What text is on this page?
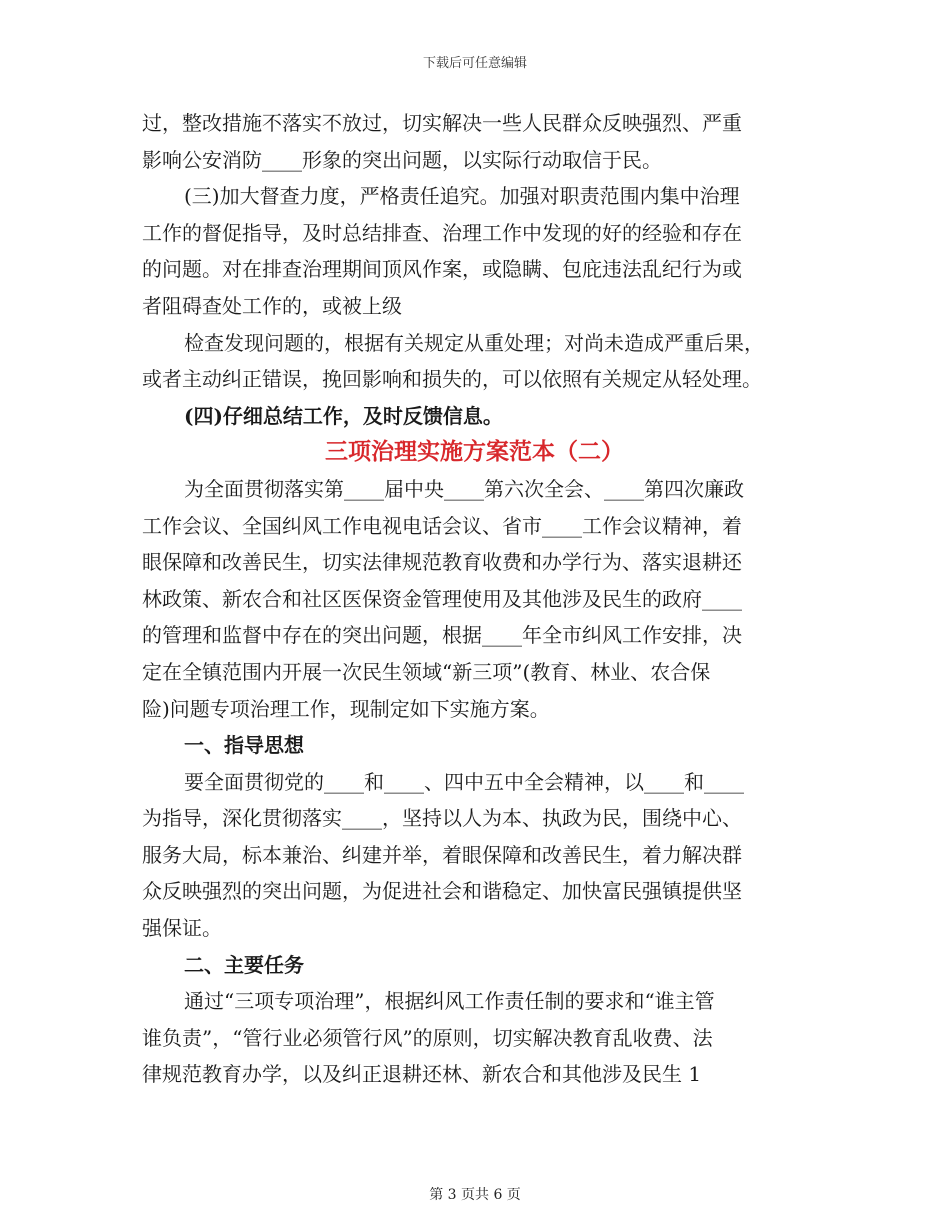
下载后可任意编辑
过，整改措施不落实不放过，切实解决一些人民群众反映强烈、严重
影响公安消防____形象的突出问题，以实际行动取信于民。
(三)加大督查力度，严格责任追究。加强对职责范围内集中治理
工作的督促指导，及时总结排查、治理工作中发现的好的经验和存在
的问题。对在排查治理期间顶风作案，或隐瞒、包庇违法乱纪行为或
者阻碍查处工作的，或被上级
检查发现问题的，根据有关规定从重处理；对尚未造成严重后果，
或者主动纠正错误，挽回影响和损失的，可以依照有关规定从轻处理。
(四)仔细总结工作，及时反馈信息。
三项治理实施方案范本（二）
为全面贯彻落实第____届中央____第六次全会、____第四次廉政
工作会议、全国纠风工作电视电话会议、省市____工作会议精神，着
眼保障和改善民生，切实法律规范教育收费和办学行为、落实退耕还
林政策、新农合和社区医保资金管理使用及其他涉及民生的政府____
的管理和监督中存在的突出问题，根据____年全市纠风工作安排，决
定在全镇范围内开展一次民生领域“新三项”(教育、林业、农合保
险)问题专项治理工作，现制定如下实施方案。
一、指导思想
要全面贯彻党的____和____、四中五中全会精神，以____和____
为指导，深化贯彻落实____，坚持以人为本、执政为民，围绕中心、
服务大局，标本兼治、纠建并举，着眼保障和改善民生，着力解决群
众反映强烈的突出问题，为促进社会和谐稳定、加快富民强镇提供坚
强保证。
二、主要任务
通过“三项专项治理”，根据纠风工作责任制的要求和“谁主管
谁负责”，“管行业必须管行风”的原则，切实解决教育乱收费、法
律规范教育办学，以及纠正退耕还林、新农合和其他涉及民生 1
第 3 页共 6 页
